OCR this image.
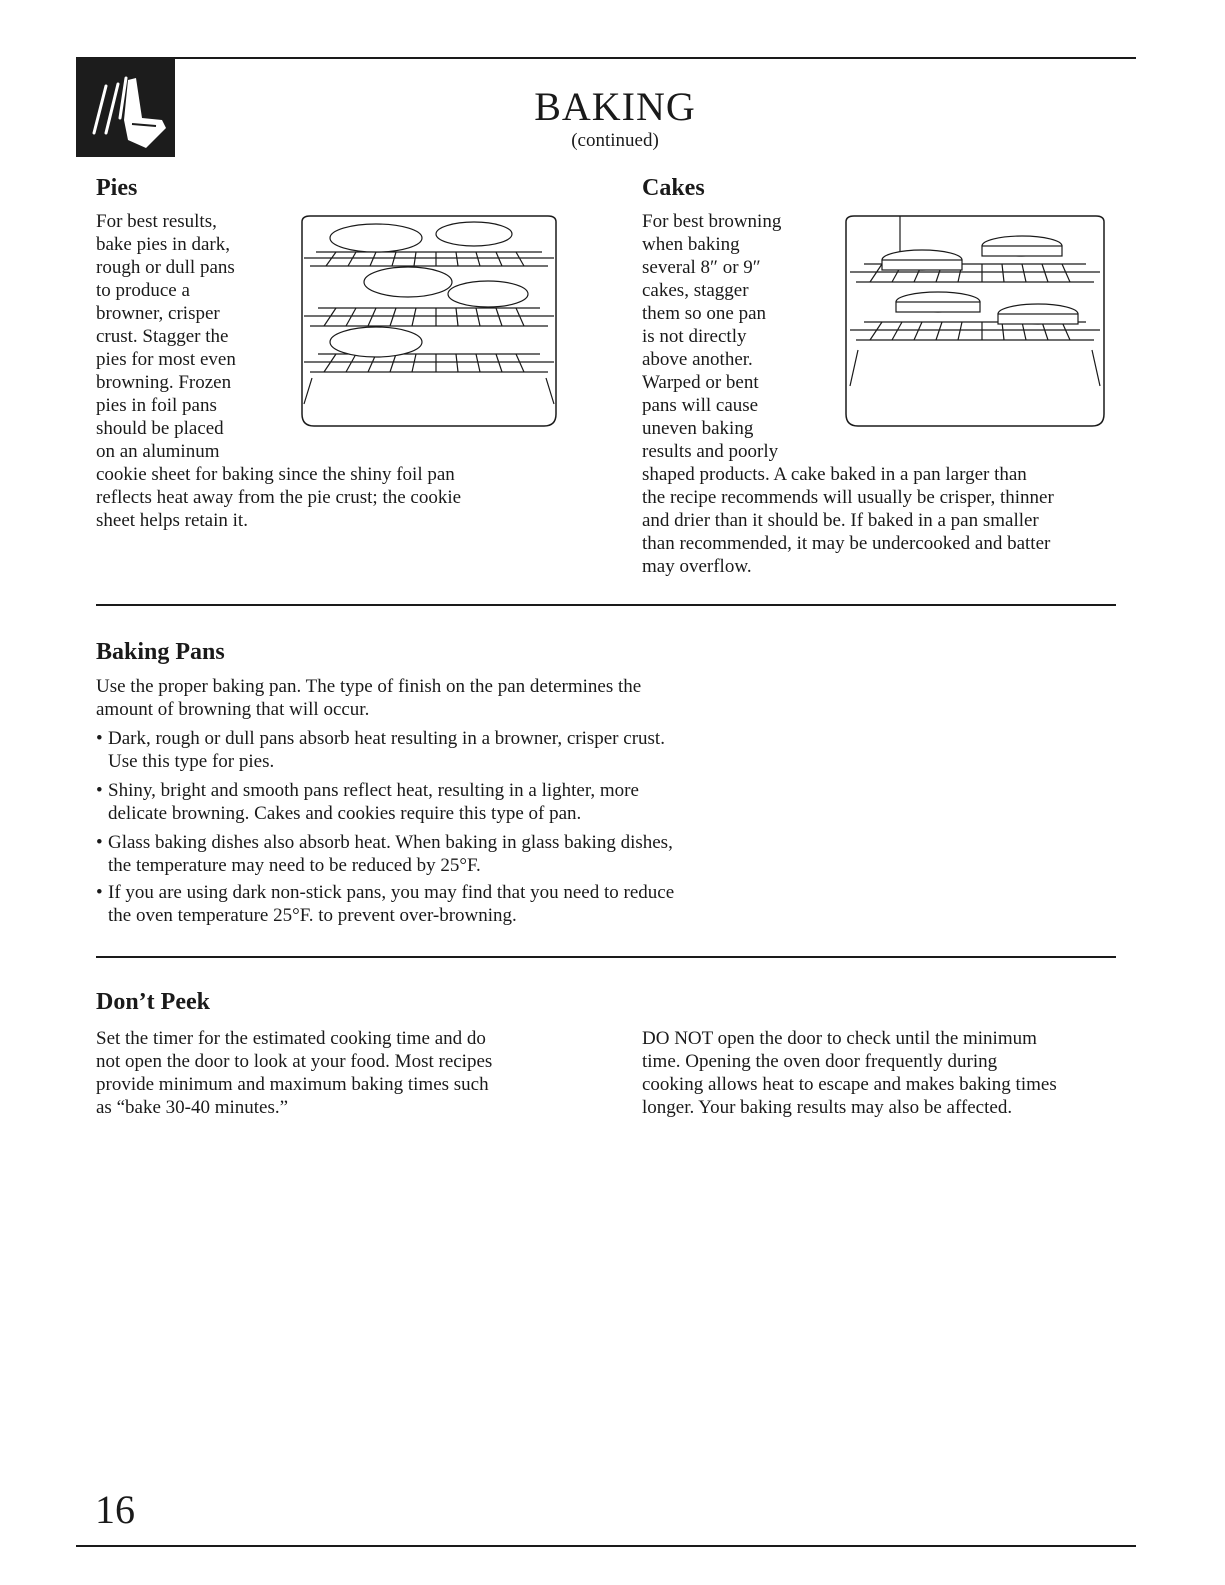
BAKING
(continued)
Pies
For best results,
bake pies in dark,
rough or dull pans
to produce a
browner, crisper
crust. Stagger the
pies for most even
browning. Frozen
pies in foil pans
should be placed
on an aluminum
cookie sheet for baking since the shiny foil pan
reflects heat away from the pie crust; the cookie
sheet helps retain it.
Cakes
For best browning
when baking
several 8″ or 9″
cakes, stagger
them so one pan
is not directly
above another.
Warped or bent
pans will cause
uneven baking
results and poorly
shaped products. A cake baked in a pan larger than
the recipe recommends will usually be crisper, thinner
and drier than it should be. If baked in a pan smaller
than recommended, it may be undercooked and batter
may overflow.
Baking Pans
Use the proper baking pan. The type of finish on the pan determines the
amount of browning that will occur.
• Dark, rough or dull pans absorb heat resulting in a browner, crisper crust.
Use this type for pies.
• Shiny, bright and smooth pans reflect heat, resulting in a lighter, more
delicate browning. Cakes and cookies require this type of pan.
• Glass baking dishes also absorb heat. When baking in glass baking dishes,
the temperature may need to be reduced by 25°F.
• If you are using dark non-stick pans, you may find that you need to reduce
the oven temperature 25°F. to prevent over-browning.
Don’t Peek
Set the timer for the estimated cooking time and do
not open the door to look at your food. Most recipes
provide minimum and maximum baking times such
as “bake 30-40 minutes.”
DO NOT open the door to check until the minimum
time. Opening the oven door frequently during
cooking allows heat to escape and makes baking times
longer. Your baking results may also be affected.
16
